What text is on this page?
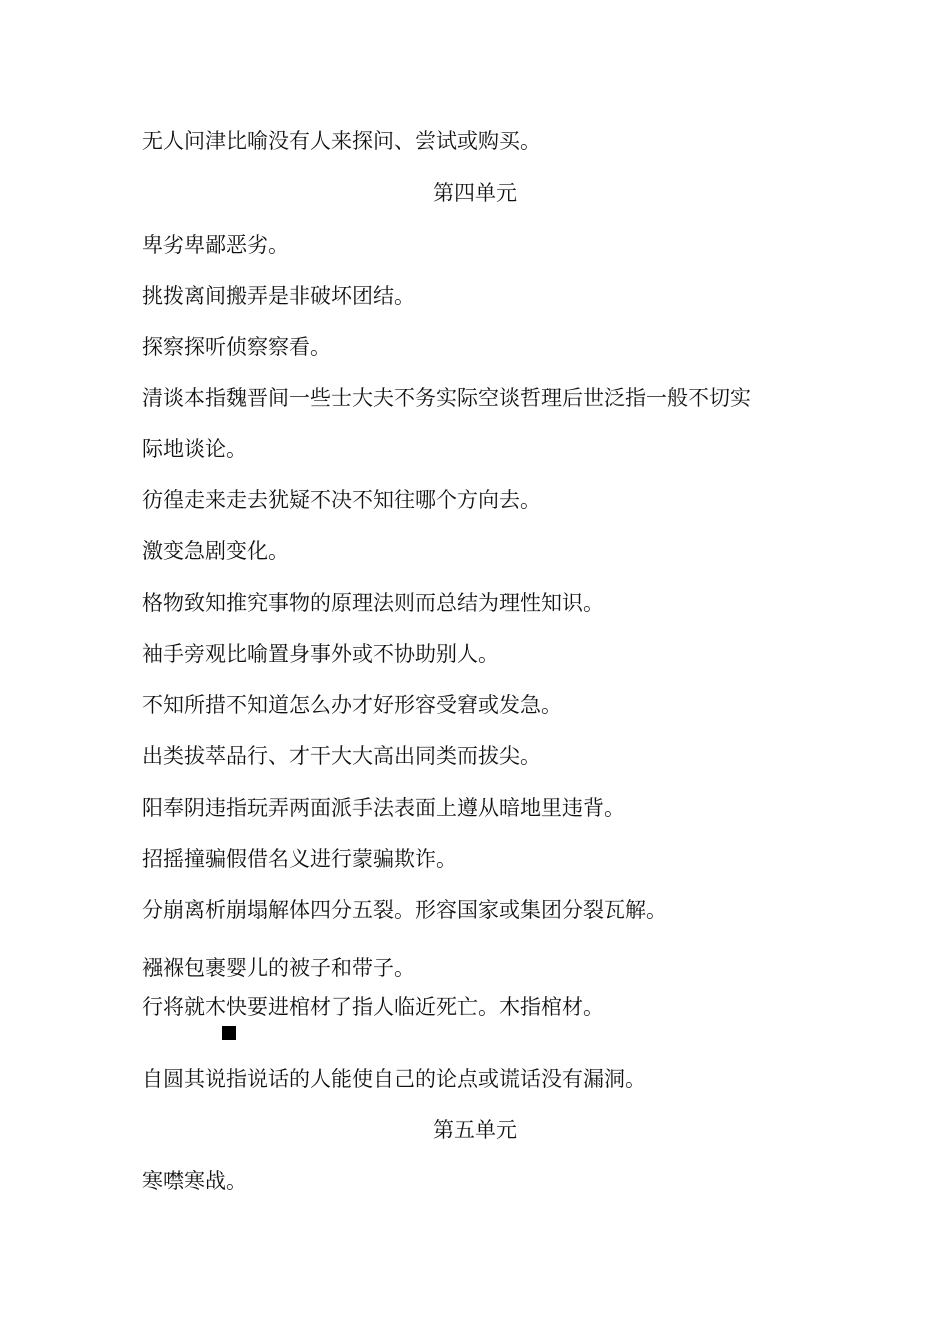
无人问津比喻没有人来探问、尝试或购买。
第四单元
卑劣卑鄙恶劣。
挑拨离间搬弄是非破坏团结。
探察探听侦察察看。
清谈本指魏晋间一些士大夫不务实际空谈哲理后世泛指一般不切实
际地谈论。
彷徨走来走去犹疑不决不知往哪个方向去。
激变急剧变化。
格物致知推究事物的原理法则而总结为理性知识。
袖手旁观比喻置身事外或不协助别人。
不知所措不知道怎么办才好形容受窘或发急。
出类拔萃品行、才干大大高出同类而拔尖。
阳奉阴违指玩弄两面派手法表面上遵从暗地里违背。
招摇撞骗假借名义进行蒙骗欺诈。
分崩离析崩塌解体四分五裂。形容国家或集团分裂瓦解。
襁褓包裹婴儿的被子和带子。
行将就木快要进棺材了指人临近死亡。木指棺材。
自圆其说指说话的人能使自己的论点或谎话没有漏洞。
第五单元
寒噤寒战。
